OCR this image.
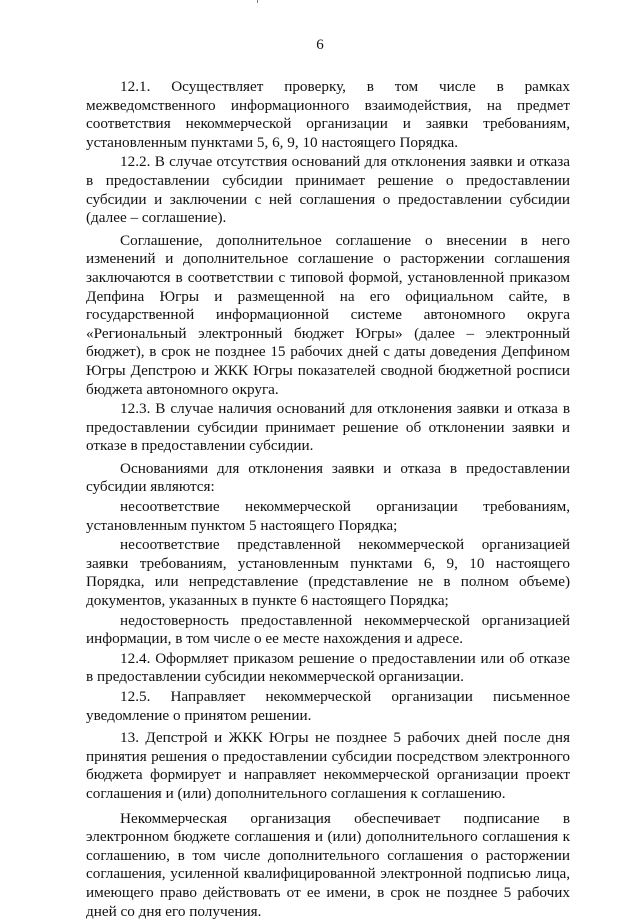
6

12.1. Осуществляет проверку, в том числе в рамках межведомственного информационного взаимодействия, на предмет соответствия некоммерческой организации и заявки требованиям, установленным пунктами 5, 6, 9, 10 настоящего Порядка.

12.2. В случае отсутствия оснований для отклонения заявки и отказа в предоставлении субсидии принимает решение о предоставлении субсидии и заключении с ней соглашения о предоставлении субсидии (далее – соглашение).

Соглашение, дополнительное соглашение о внесении в него изменений и дополнительное соглашение о расторжении соглашения заключаются в соответствии с типовой формой, установленной приказом Депфина Югры и размещенной на его официальном сайте, в государственной информационной системе автономного округа «Региональный электронный бюджет Югры» (далее – электронный бюджет), в срок не позднее 15 рабочих дней с даты доведения Депфином Югры Депстрою и ЖКК Югры показателей сводной бюджетной росписи бюджета автономного округа.

12.3. В случае наличия оснований для отклонения заявки и отказа в предоставлении субсидии принимает решение об отклонении заявки и отказе в предоставлении субсидии.

Основаниями для отклонения заявки и отказа в предоставлении субсидии являются:

несоответствие некоммерческой организации требованиям, установленным пунктом 5 настоящего Порядка;

несоответствие представленной некоммерческой организацией заявки требованиям, установленным пунктами 6, 9, 10 настоящего Порядка, или непредставление (представление не в полном объеме) документов, указанных в пункте 6 настоящего Порядка;

недостоверность предоставленной некоммерческой организацией информации, в том числе о ее месте нахождения и адресе.

12.4. Оформляет приказом решение о предоставлении или об отказе в предоставлении субсидии некоммерческой организации.

12.5. Направляет некоммерческой организации письменное уведомление о принятом решении.

13. Депстрой и ЖКК Югры не позднее 5 рабочих дней после дня принятия решения о предоставлении субсидии посредством электронного бюджета формирует и направляет некоммерческой организации проект соглашения и (или) дополнительного соглашения к соглашению.

Некоммерческая организация обеспечивает подписание в электронном бюджете соглашения и (или) дополнительного соглашения к соглашению, в том числе дополнительного соглашения о расторжении соглашения, усиленной квалифицированной электронной подписью лица, имеющего право действовать от ее имени, в срок не позднее 5 рабочих дней со дня его получения.
